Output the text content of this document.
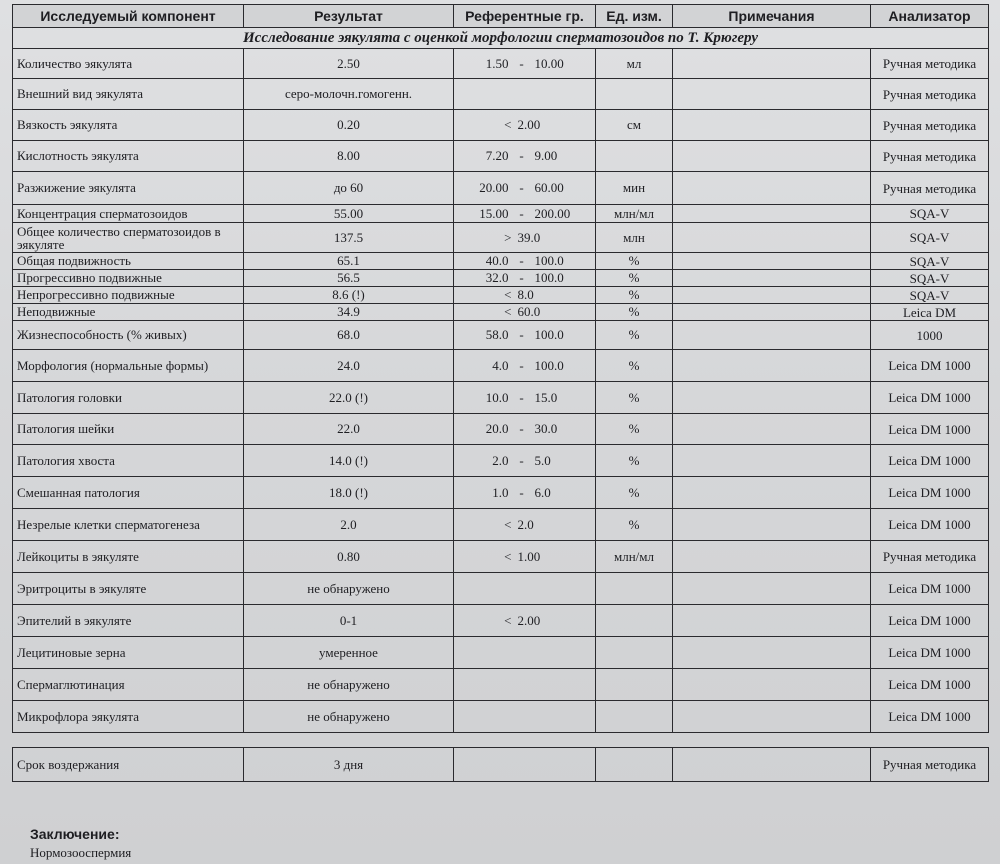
Исследуемый компонент	Результат	Референтные гр.	Ед. изм.	Примечания	Анализатор
Исследование эякулята с оценкой морфологии сперматозоидов по Т. Крюгеру					
Количество эякулята	2.50	1.50 - 10.00	мл		Ручная методика
Внешний вид эякулята	серо-молочн.гомогенн.				Ручная методика
Вязкость эякулята	0.20	< 2.00	см		Ручная методика
Кислотность эякулята	8.00	7.20 - 9.00			Ручная методика
Разжижение эякулята	до 60	20.00 - 60.00	мин		Ручная методика
Концентрация сперматозоидов	55.00	15.00 - 200.00	млн/мл		SQA-V
Общее количество сперматозоидов в эякуляте	137.5	> 39.0	млн		SQA-V
Общая подвижность	65.1	40.0 - 100.0	%		SQA-V
Прогрессивно подвижные	56.5	32.0 - 100.0	%		SQA-V
Непрогрессивно подвижные	8.6 (!)	< 8.0	%		SQA-V
Неподвижные	34.9	< 60.0	%		Leica DM
Жизнеспособность (% живых)	68.0	58.0 - 100.0	%		1000
Морфология (нормальные формы)	24.0	4.0 - 100.0	%		Leica DM 1000
Патология головки	22.0 (!)	10.0 - 15.0	%		Leica DM 1000
Патология шейки	22.0	20.0 - 30.0	%		Leica DM 1000
Патология хвоста	14.0 (!)	2.0 - 5.0	%		Leica DM 1000
Смешанная патология	18.0 (!)	1.0 - 6.0	%		Leica DM 1000
Незрелые клетки сперматогенеза	2.0	< 2.0	%		Leica DM 1000
Лейкоциты в эякуляте	0.80	< 1.00	млн/мл		Ручная методика
Эритроциты в эякуляте	не обнаружено				Leica DM 1000
Эпителий в эякуляте	0-1	< 2.00			Leica DM 1000
Лецитиновые зерна	умеренное				Leica DM 1000
Спермаглютинация	не обнаружено				Leica DM 1000
Микрофлора эякулята	не обнаружено				Leica DM 1000

Срок воздержания	3 дня				Ручная методика
Заключение:
Нормозооспермия
